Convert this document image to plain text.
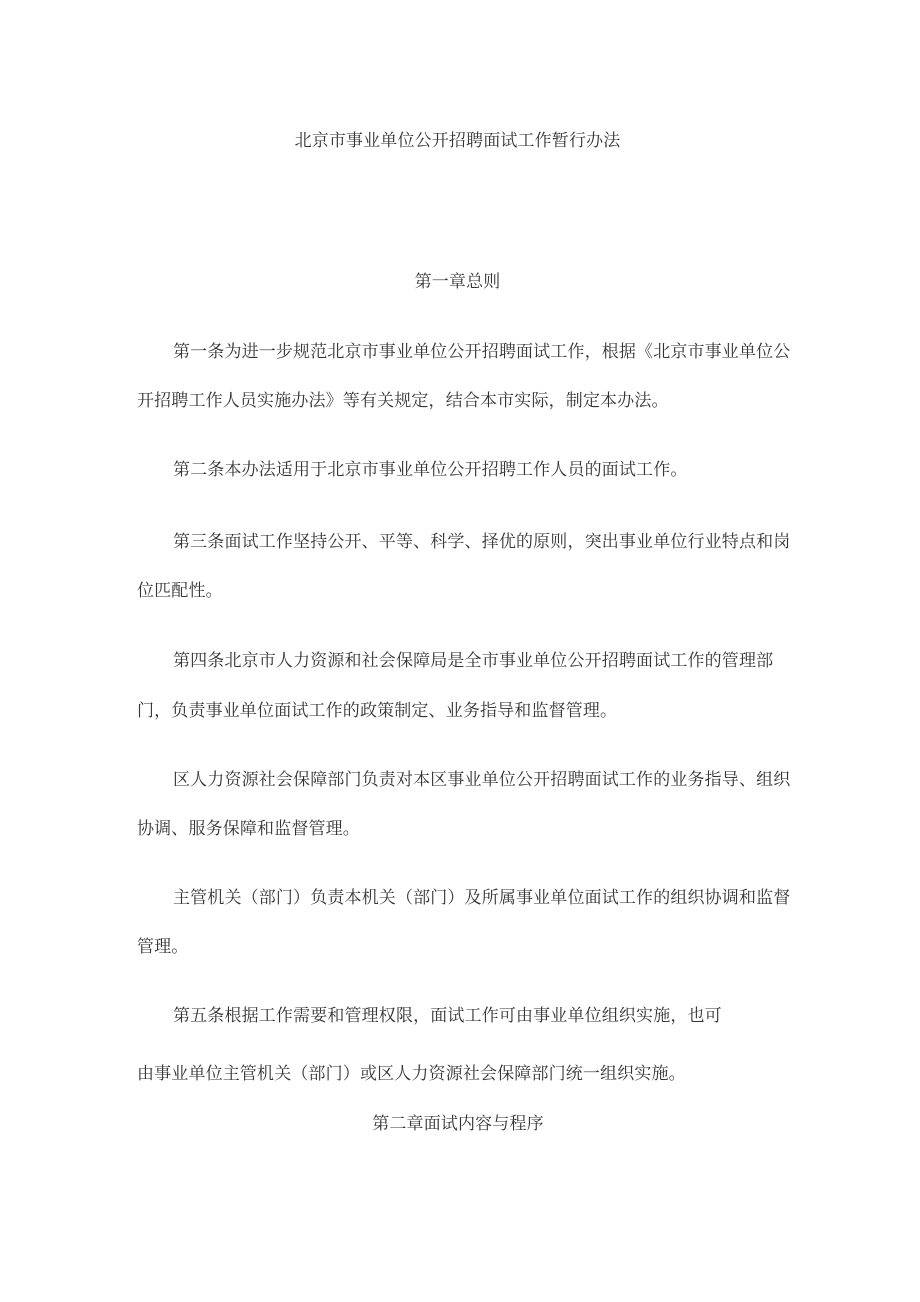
北京市事业单位公开招聘面试工作暂行办法
第一章总则
第一条为进一步规范北京市事业单位公开招聘面试工作，根据《北京市事业单位公
开招聘工作人员实施办法》等有关规定，结合本市实际，制定本办法。
第二条本办法适用于北京市事业单位公开招聘工作人员的面试工作。
第三条面试工作坚持公开、平等、科学、择优的原则，突出事业单位行业特点和岗
位匹配性。
第四条北京市人力资源和社会保障局是全市事业单位公开招聘面试工作的管理部
门，负责事业单位面试工作的政策制定、业务指导和监督管理。
区人力资源社会保障部门负责对本区事业单位公开招聘面试工作的业务指导、组织
协调、服务保障和监督管理。
主管机关（部门）负责本机关（部门）及所属事业单位面试工作的组织协调和监督
管理。
第五条根据工作需要和管理权限，面试工作可由事业单位组织实施，也可
由事业单位主管机关（部门）或区人力资源社会保障部门统一组织实施。
第二章面试内容与程序
